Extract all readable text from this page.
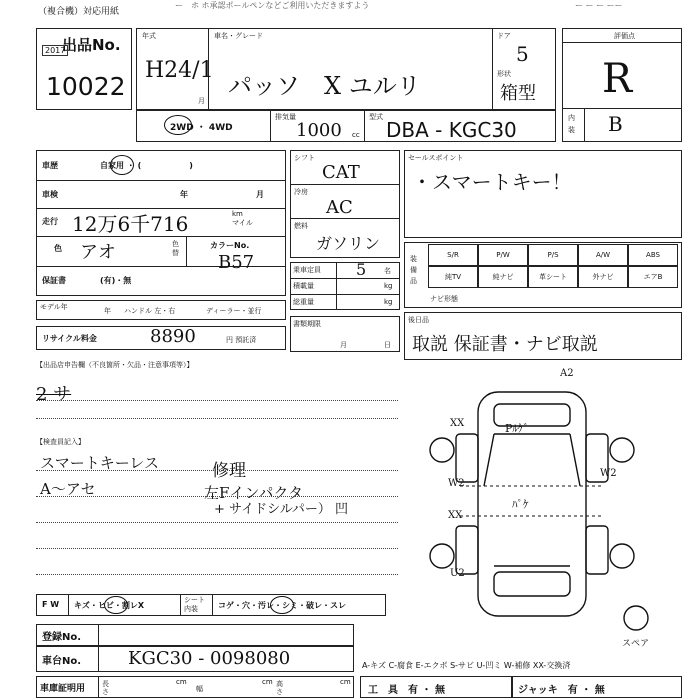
（複合機）対応用紙
ー　ホ ホ承認ポールペンなどご利用いただきますよう	ー ー ー ーー
出品No.
2017
10022
年式
H24/1
月
車名・グレード
パッソ　X ユルリ
ドア
5
形状
箱型
2WD ・ 4WD
排気量
1000 cc
型式
DBA - KGC30
評価点
R
内装 B
車歴	自家用 ・ (　　　　　　)
車検	年	月
走行 12万6千716	km
マイル
色 アオ	色替
カラーNo.
B57
保証書	(有)・無
モデル年	年 ハンドル 左・右	ディーラー・並行
リサイクル料金	8890	円 預託済
シフト
CAT
冷房
AC
燃料
ガソリン
乗車定員 5	名
積載量	kg
総重量	kg
書類期限
月	日
セールスポイント
・スマートキー！
装備品
S/R	P/W	P/S	A/W	ABS
純TV	純ナビ	革シート	外ナビ	エアB
ナビ形態
後日品
取説 保証書・ナビ取説
【出品店申告欄（不良箇所・欠品・注意事項等）】
2 サ
【検査員記入】
スマートキーレス	修理
A～アセ	左Fインパクタ
+ サイドシルパー） 凹
A2
XX	Pﾙｹﾞ
W2
ﾊﾟｹ
XX
W2
U2
スペア
F W キズ・ヒビ・割レX
シート内装	コゲ・穴・汚レ・シミ・破レ・スレ
登録No.
車台No.	KGC30 - 0098080	A-キズ C-腐食 E-エクボ S-サビ U-凹ミ W-補修 XX-交換済
車庫証明用 長さ
cm
幅
cm 高さ
cm
工　具　有 ・ 無	ジャッキ　有 ・ 無
